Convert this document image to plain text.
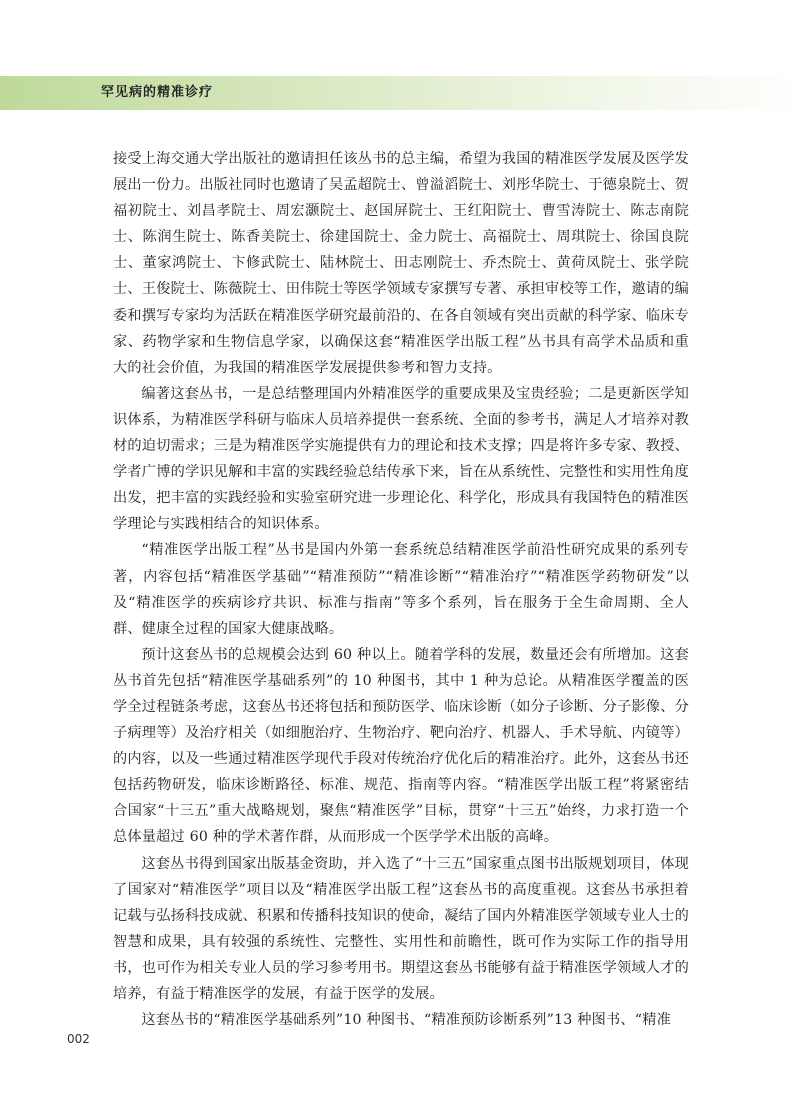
罕见病的精准诊疗

接受上海交通大学出版社的邀请担任该丛书的总主编，希望为我国的精准医学发展及医学发展出一份力。出版社同时也邀请了吴孟超院士、曾溢滔院士、刘彤华院士、于德泉院士、贺福初院士、刘昌孝院士、周宏灏院士、赵国屏院士、王红阳院士、曹雪涛院士、陈志南院士、陈润生院士、陈香美院士、徐建国院士、金力院士、高福院士、周琪院士、徐国良院士、董家鸿院士、卞修武院士、陆林院士、田志刚院士、乔杰院士、黄荷凤院士、张学院士、王俊院士、陈薇院士、田伟院士等医学领域专家撰写专著、承担审校等工作，邀请的编委和撰写专家均为活跃在精准医学研究最前沿的、在各自领域有突出贡献的科学家、临床专家、药物学家和生物信息学家，以确保这套“精准医学出版工程”丛书具有高学术品质和重大的社会价值，为我国的精准医学发展提供参考和智力支持。

编著这套丛书，一是总结整理国内外精准医学的重要成果及宝贵经验；二是更新医学知识体系，为精准医学科研与临床人员培养提供一套系统、全面的参考书，满足人才培养对教材的迫切需求；三是为精准医学实施提供有力的理论和技术支撑；四是将许多专家、教授、学者广博的学识见解和丰富的实践经验总结传承下来，旨在从系统性、完整性和实用性角度出发，把丰富的实践经验和实验室研究进一步理论化、科学化，形成具有我国特色的精准医学理论与实践相结合的知识体系。

“精准医学出版工程”丛书是国内外第一套系统总结精准医学前沿性研究成果的系列专著，内容包括“精准医学基础”“精准预防”“精准诊断”“精准治疗”“精准医学药物研发”以及“精准医学的疾病诊疗共识、标准与指南”等多个系列，旨在服务于全生命周期、全人群、健康全过程的国家大健康战略。

预计这套丛书的总规模会达到 60 种以上。随着学科的发展，数量还会有所增加。这套丛书首先包括“精准医学基础系列”的 10 种图书，其中 1 种为总论。从精准医学覆盖的医学全过程链条考虑，这套丛书还将包括和预防医学、临床诊断（如分子诊断、分子影像、分子病理等）及治疗相关（如细胞治疗、生物治疗、靶向治疗、机器人、手术导航、内镜等）的内容，以及一些通过精准医学现代手段对传统治疗优化后的精准治疗。此外，这套丛书还包括药物研发，临床诊断路径、标准、规范、指南等内容。“精准医学出版工程”将紧密结合国家“十三五”重大战略规划，聚焦“精准医学”目标，贯穿“十三五”始终，力求打造一个总体量超过 60 种的学术著作群，从而形成一个医学学术出版的高峰。

这套丛书得到国家出版基金资助，并入选了“十三五”国家重点图书出版规划项目，体现了国家对“精准医学”项目以及“精准医学出版工程”这套丛书的高度重视。这套丛书承担着记载与弘扬科技成就、积累和传播科技知识的使命，凝结了国内外精准医学领域专业人士的智慧和成果，具有较强的系统性、完整性、实用性和前瞻性，既可作为实际工作的指导用书，也可作为相关专业人员的学习参考用书。期望这套丛书能够有益于精准医学领域人才的培养，有益于精准医学的发展，有益于医学的发展。

这套丛书的“精准医学基础系列”10 种图书、“精准预防诊断系列”13 种图书、“精准

002
